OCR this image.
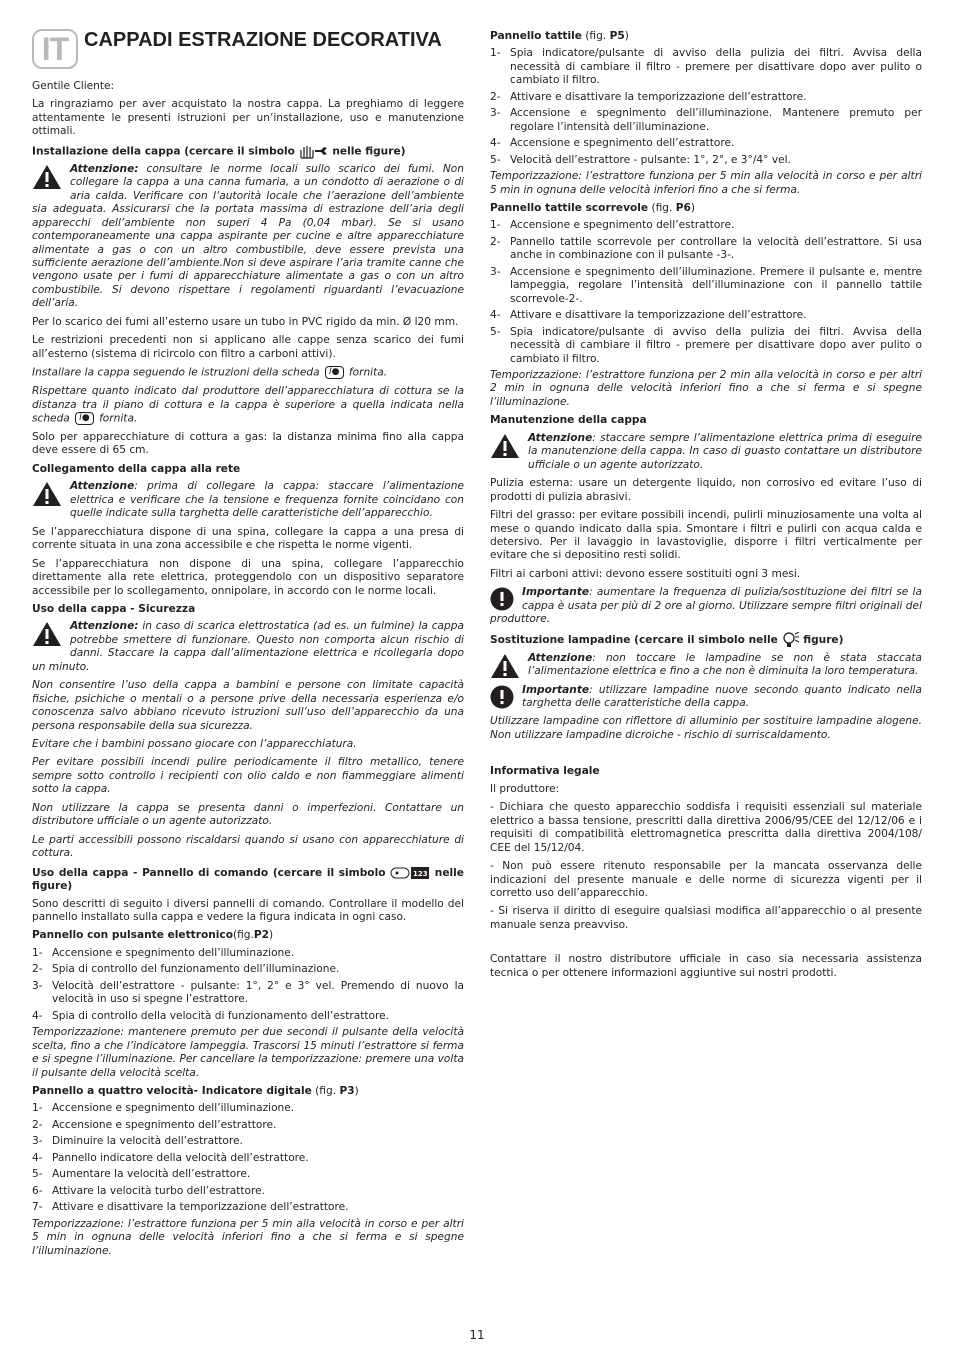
IT CAPPADI ESTRAZIONE DECORATIVA

Gentile Cliente:

La ringraziamo per aver acquistato la nostra cappa. La preghiamo di leggere attentamente le presenti istruzioni per un’installazione, uso e manutenzione ottimali.

Installazione della cappa (cercare il simbolo	nelle figure)

Attenzione: consultare le norme locali sullo scarico dei fumi. Non collegare la cappa a una canna fumaria, a un condotto di aerazione o di aria calda. Verificare con l’autorità locale che l’aerazione dell’ambiente sia adeguata. Assicurarsi che la portata massima di estrazione dell’aria degli apparecchi dell’ambiente non superi 4 Pa (0,04 mbar). Se si usano contemporaneamente una cappa aspirante per cucine e altre apparecchiature alimentate a gas o con un altro combustibile, deve essere prevista una sufficiente aerazione dell’ambiente.Non si deve aspirare l’aria tramite canne che vengono usate per i fumi di apparecchiature alimentate a gas o con un altro combustibile. Si devono rispettare i regolamenti riguardanti l’evacuazione dell’aria.

Per lo scarico dei fumi all’esterno usare un tubo in PVC rigido da min. Ø l20 mm.

Le restrizioni precedenti non si applicano alle cappe senza scarico dei fumi all’esterno (sistema di ricircolo con filtro a carboni attivi).

Installare la cappa seguendo le istruzioni della scheda I● fornita.

Rispettare quanto indicato dal produttore dell’apparecchiatura di cottura se la distanza tra il piano di cottura e la cappa è superiore a quella indicata nella scheda I● fornita.

Solo per apparecchiature di cottura a gas: la distanza minima fino alla cappa deve essere di 65 cm.

Collegamento della cappa alla rete

Attenzione: prima di collegare la cappa: staccare l’alimentazione elettrica e verificare che la tensione e frequenza fornite coincidano con quelle indicate sulla targhetta delle caratteristiche dell’apparecchio.

Se l’apparecchiatura dispone di una spina, collegare la cappa a una presa di corrente situata in una zona accessibile e che rispetta le norme vigenti.

Se l’apparecchiatura non dispone di una spina, collegare l’apparecchio direttamente alla rete elettrica, proteggendolo con un dispositivo separatore accessibile per lo scollegamento, onnipolare, in accordo con le norme locali.

Uso della cappa - Sicurezza

Attenzione: in caso di scarica elettrostatica (ad es. un fulmine) la cappa potrebbe smettere di funzionare. Questo non comporta alcun rischio di danni. Staccare la cappa dall’alimentazione elettrica e ricollegarla dopo un minuto.

Non consentire l’uso della cappa a bambini e persone con limitate capacità fisiche, psichiche o mentali o a persone prive della necessaria esperienza e/o conoscenza salvo abbiano ricevuto istruzioni sull’uso dell’apparecchio da una persona responsabile della sua sicurezza.

Evitare che i bambini possano giocare con l’apparecchiatura.

Per evitare possibili incendi pulire periodicamente il filtro metallico, tenere sempre sotto controllo i recipienti con olio caldo e non fiammeggiare alimenti sotto la cappa.

Non utilizzare la cappa se presenta danni o imperfezioni. Contattare un distributore ufficiale o un agente autorizzato.

Le parti accessibili possono riscaldarsi quando si usano con apparecchiature di cottura.

Uso della cappa - Pannello di comando (cercare il simbolo	123 nelle figure)

Sono descritti di seguito i diversi pannelli di comando. Controllare il modello del pannello installato sulla cappa e vedere la figura indicata in ogni caso.

Pannello con pulsante elettronico(fig.P2)

1- Accensione e spegnimento dell’illuminazione.
2- Spia di controllo del funzionamento dell’illuminazione.
3- Velocità dell’estrattore - pulsante: 1°, 2° e 3° vel. Premendo di nuovo la velocità in uso si spegne l’estrattore.
4- Spia di controllo della velocità di funzionamento dell’estrattore.

Temporizzazione: mantenere premuto per due secondi il pulsante della velocità scelta, fino a che l’indicatore lampeggia. Trascorsi 15 minuti l’estrattore si ferma e si spegne l’illuminazione. Per cancellare la temporizzazione: premere una volta il pulsante della velocità scelta.

Pannello a quattro velocità- Indicatore digitale (fig. P3)

1- Accensione e spegnimento dell’illuminazione.
2- Accensione e spegnimento dell’estrattore.
3- Diminuire la velocità dell’estrattore.
4- Pannello indicatore della velocità dell’estrattore.
5- Aumentare la velocità dell’estrattore.
6- Attivare la velocità turbo dell’estrattore.
7- Attivare e disattivare la temporizzazione dell’estrattore.

Temporizzazione: l’estrattore funziona per 5 min alla velocità in corso e per altri 5 min in ognuna delle velocità inferiori fino a che si ferma e si spegne l’illuminazione.

Pannello tattile (fig. P5)

1- Spia indicatore/pulsante di avviso della pulizia dei filtri. Avvisa della necessità di cambiare il filtro - premere per disattivare dopo aver pulito o cambiato il filtro.
2- Attivare e disattivare la temporizzazione dell’estrattore.
3- Accensione e spegnimento dell’illuminazione. Mantenere premuto per regolare l’intensità dell’illuminazione.
4- Accensione e spegnimento dell’estrattore.
5- Velocità dell’estrattore - pulsante: 1°, 2°, e 3°/4° vel.

Temporizzazione: l’estrattore funziona per 5 min alla velocità in corso e per altri 5 min in ognuna delle velocità inferiori fino a che si ferma.

Pannello tattile scorrevole (fig. P6)

1- Accensione e spegnimento dell’estrattore.
2- Pannello tattile scorrevole per controllare la velocità dell’estrattore. Si usa anche in combinazione con il pulsante -3-.
3- Accensione e spegnimento dell’illuminazione. Premere il pulsante e, mentre lampeggia, regolare l’intensità dell’illuminazione con il pannello tattile scorrevole-2-.
4- Attivare e disattivare la temporizzazione dell’estrattore.
5- Spia indicatore/pulsante di avviso della pulizia dei filtri. Avvisa della necessità di cambiare il filtro - premere per disattivare dopo aver pulito o cambiato il filtro.

Temporizzazione: l’estrattore funziona per 2 min alla velocità in corso e per altri 2 min in ognuna delle velocità inferiori fino a che si ferma e si spegne l’illuminazione.

Manutenzione della cappa

Attenzione: staccare sempre l’alimentazione elettrica prima di eseguire la manutenzione della cappa. In caso di guasto contattare un distributore ufficiale o un agente autorizzato.

Pulizia esterna: usare un detergente liquido, non corrosivo ed evitare l’uso di prodotti di pulizia abrasivi.

Filtri del grasso: per evitare possibili incendi, pulirli minuziosamente una volta al mese o quando indicato dalla spia. Smontare i filtri e pulirli con acqua calda e detersivo. Per il lavaggio in lavastoviglie, disporre i filtri verticalmente per evitare che si depositino resti solidi.

Filtri ai carboni attivi: devono essere sostituiti ogni 3 mesi.

Importante: aumentare la frequenza di pulizia/sostituzione dei filtri se la cappa è usata per più di 2 ore al giorno. Utilizzare sempre filtri originali del produttore.

Sostituzione lampadine (cercare il simbolo nelle figure)

Attenzione: non toccare le lampadine se non è stata staccata l’alimentazione elettrica e fino a che non è diminuita la loro temperatura.
Importante: utilizzare lampadine nuove secondo quanto indicato nella targhetta delle caratteristiche della cappa.

Utilizzare lampadine con riflettore di alluminio per sostituire lampadine alogene. Non utilizzare lampadine dicroiche - rischio di surriscaldamento.

Informativa legale

Il produttore:

- Dichiara che questo apparecchio soddisfa i requisiti essenziali sul materiale elettrico a bassa tensione, prescritti dalla direttiva 2006/95/CEE del 12/12/06 e i requisiti di compatibilità elettromagnetica prescritta dalla direttiva 2004/108/ CEE del 15/12/04.

- Non può essere ritenuto responsabile per la mancata osservanza delle indicazioni del presente manuale e delle norme di sicurezza vigenti per il corretto uso dell’apparecchio.

- Si riserva il diritto di eseguire qualsiasi modifica all’apparecchio o al presente manuale senza preavviso.

Contattare il nostro distributore ufficiale in caso sia necessaria assistenza tecnica o per ottenere informazioni aggiuntive sui nostri prodotti.

11
